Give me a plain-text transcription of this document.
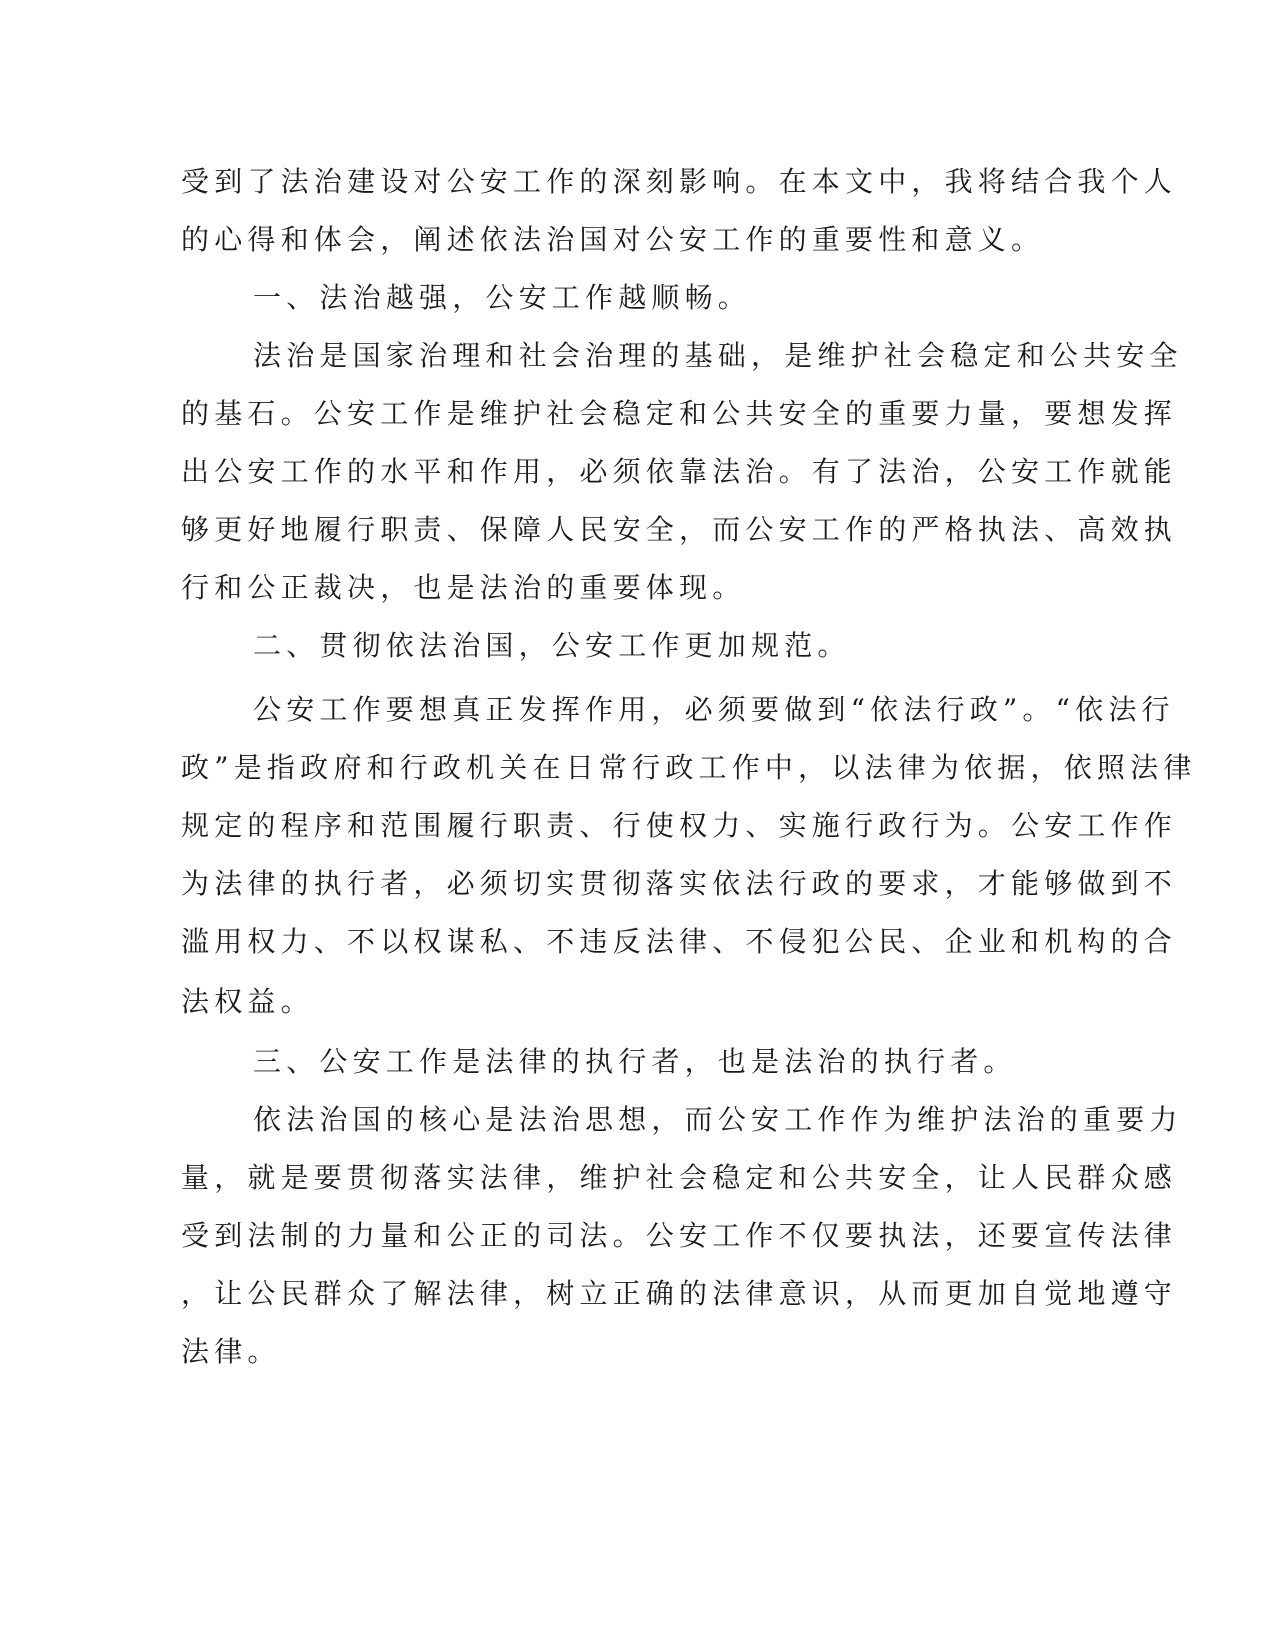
受到了法治建设对公安工作的深刻影响。在本文中，我将结合我个人
的心得和体会，阐述依法治国对公安工作的重要性和意义。
一、法治越强，公安工作越顺畅。
法治是国家治理和社会治理的基础，是维护社会稳定和公共安全
的基石。公安工作是维护社会稳定和公共安全的重要力量，要想发挥
出公安工作的水平和作用，必须依靠法治。有了法治，公安工作就能
够更好地履行职责、保障人民安全，而公安工作的严格执法、高效执
行和公正裁决，也是法治的重要体现。
二、贯彻依法治国，公安工作更加规范。
公安工作要想真正发挥作用，必须要做到“依法行政”。“依法行
政”是指政府和行政机关在日常行政工作中，以法律为依据，依照法律
规定的程序和范围履行职责、行使权力、实施行政行为。公安工作作
为法律的执行者，必须切实贯彻落实依法行政的要求，才能够做到不
滥用权力、不以权谋私、不违反法律、不侵犯公民、企业和机构的合
法权益。
三、公安工作是法律的执行者，也是法治的执行者。
依法治国的核心是法治思想，而公安工作作为维护法治的重要力
量，就是要贯彻落实法律，维护社会稳定和公共安全，让人民群众感
受到法制的力量和公正的司法。公安工作不仅要执法，还要宣传法律
，让公民群众了解法律，树立正确的法律意识，从而更加自觉地遵守
法律。
